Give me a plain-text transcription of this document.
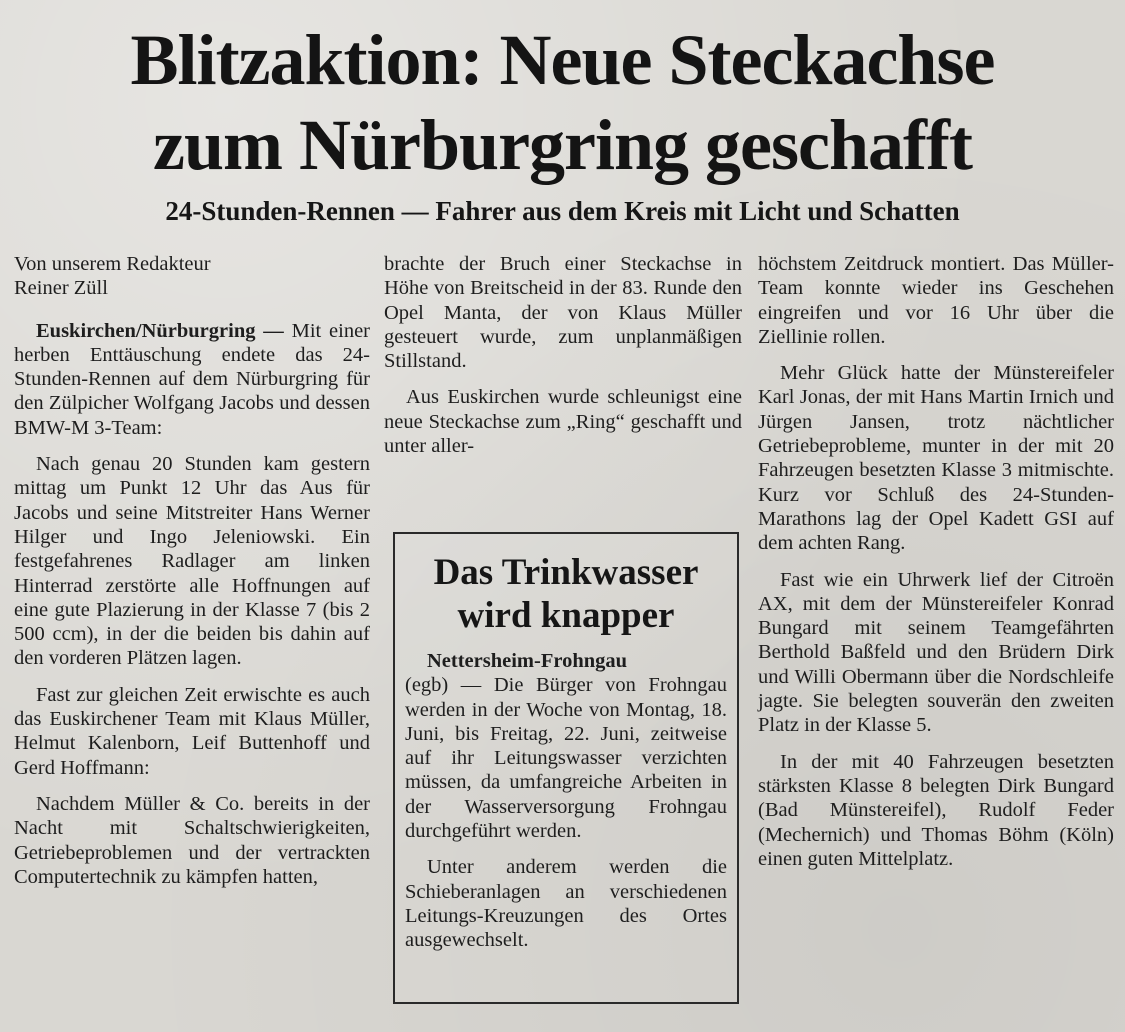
Blitzaktion: Neue Steckachse
zum Nürburgring geschafft
24-Stunden-Rennen — Fahrer aus dem Kreis mit Licht und Schatten

Von unserem Redakteur
Reiner Züll

Euskirchen/Nürburgring — Mit einer herben Enttäuschung endete das 24-Stunden-Rennen auf dem Nürburgring für den Zülpicher Wolfgang Jacobs und dessen BMW-M 3-Team:

Nach genau 20 Stunden kam gestern mittag um Punkt 12 Uhr das Aus für Jacobs und seine Mitstreiter Hans Werner Hilger und Ingo Jeleniowski. Ein festgefahrenes Radlager am linken Hinterrad zerstörte alle Hoffnungen auf eine gute Plazierung in der Klasse 7 (bis 2 500 ccm), in der die beiden bis dahin auf den vorderen Plätzen lagen.

Fast zur gleichen Zeit erwischte es auch das Euskirchener Team mit Klaus Müller, Helmut Kalenborn, Leif Buttenhoff und Gerd Hoffmann:

Nachdem Müller & Co. bereits in der Nacht mit Schaltschwierigkeiten, Getriebeproblemen und der vertrackten Computertechnik zu kämpfen hatten,

brachte der Bruch einer Steckachse in Höhe von Breitscheid in der 83. Runde den Opel Manta, der von Klaus Müller gesteuert wurde, zum unplanmäßigen Stillstand.

Aus Euskirchen wurde schleunigst eine neue Steckachse zum „Ring“ geschafft und unter aller-

Das Trinkwasser
wird knapper

Nettersheim-Frohngau

(egb) — Die Bürger von Frohngau werden in der Woche von Montag, 18. Juni, bis Freitag, 22. Juni, zeitweise auf ihr Leitungswasser verzichten müssen, da umfangreiche Arbeiten in der Wasserversorgung Frohngau durchgeführt werden.

Unter anderem werden die Schieberanlagen an verschiedenen Leitungs-Kreuzungen des Ortes ausgewechselt.

höchstem Zeitdruck montiert. Das Müller-Team konnte wieder ins Geschehen eingreifen und vor 16 Uhr über die Ziellinie rollen.

Mehr Glück hatte der Münstereifeler Karl Jonas, der mit Hans Martin Irnich und Jürgen Jansen, trotz nächtlicher Getriebeprobleme, munter in der mit 20 Fahrzeugen besetzten Klasse 3 mitmischte. Kurz vor Schluß des 24-Stunden-Marathons lag der Opel Kadett GSI auf dem achten Rang.

Fast wie ein Uhrwerk lief der Citroën AX, mit dem der Münstereifeler Konrad Bungard mit seinem Teamgefährten Berthold Baßfeld und den Brüdern Dirk und Willi Obermann über die Nordschleife jagte. Sie belegten souverän den zweiten Platz in der Klasse 5.

In der mit 40 Fahrzeugen besetzten stärksten Klasse 8 belegten Dirk Bungard (Bad Münstereifel), Rudolf Feder (Mechernich) und Thomas Böhm (Köln) einen guten Mittelplatz.
